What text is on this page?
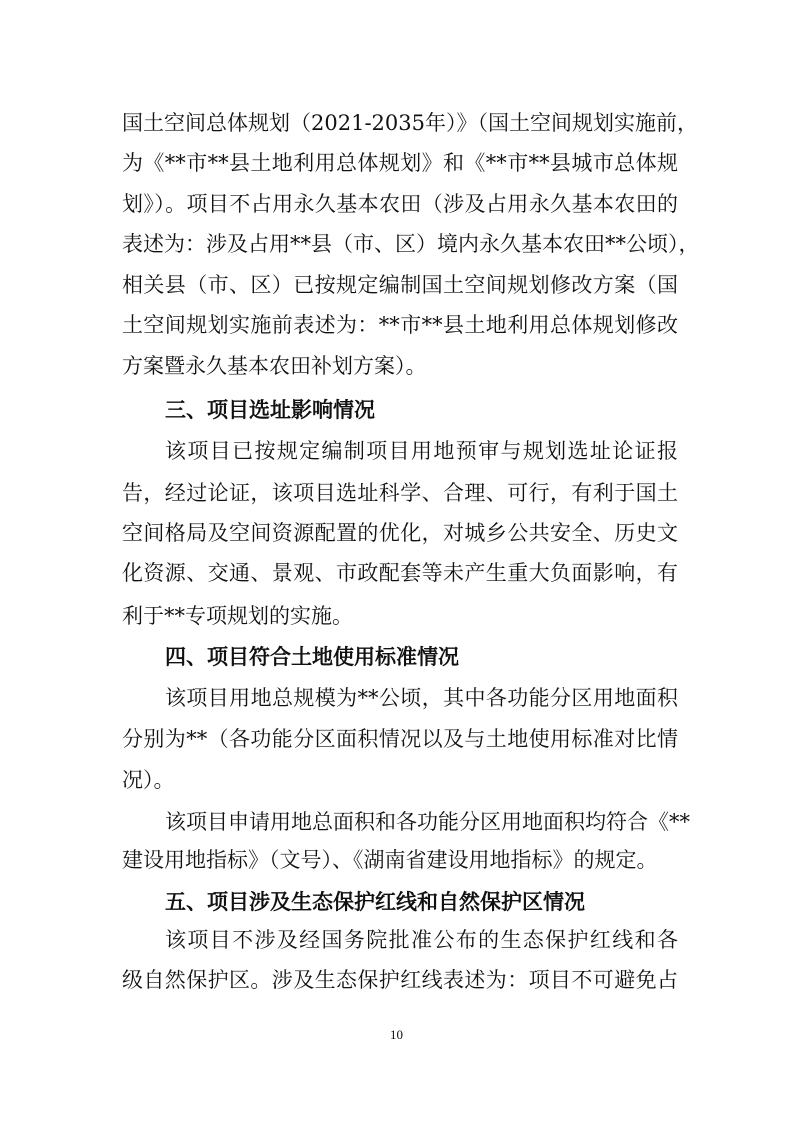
国土空间总体规划（2021-2035年）》（国土空间规划实施前，
为《**市**县土地利用总体规划》和《**市**县城市总体规
划》）。项目不占用永久基本农田（涉及占用永久基本农田的
表述为：涉及占用**县（市、区）境内永久基本农田**公顷），
相关县（市、区）已按规定编制国土空间规划修改方案（国
土空间规划实施前表述为：**市**县土地利用总体规划修改
方案暨永久基本农田补划方案）。
三、项目选址影响情况
该项目已按规定编制项目用地预审与规划选址论证报
告，经过论证，该项目选址科学、合理、可行，有利于国土
空间格局及空间资源配置的优化，对城乡公共安全、历史文
化资源、交通、景观、市政配套等未产生重大负面影响，有
利于**专项规划的实施。
四、项目符合土地使用标准情况
该项目用地总规模为**公顷，其中各功能分区用地面积
分别为**（各功能分区面积情况以及与土地使用标准对比情
况）。
该项目申请用地总面积和各功能分区用地面积均符合《**
建设用地指标》（文号）、《湖南省建设用地指标》的规定。
五、项目涉及生态保护红线和自然保护区情况
该项目不涉及经国务院批准公布的生态保护红线和各
级自然保护区。涉及生态保护红线表述为：项目不可避免占
10
